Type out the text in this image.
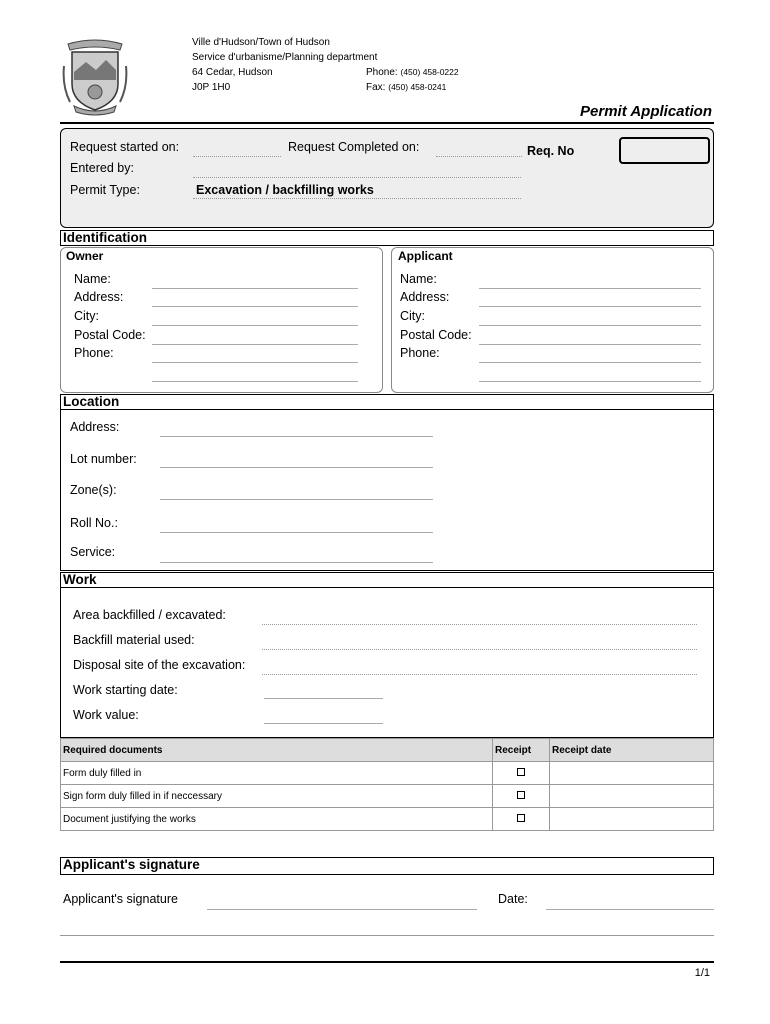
Ville d'Hudson/Town of Hudson
Service d'urbanisme/Planning department
64 Cedar, Hudson
J0P 1H0
Phone: (450) 458-0222
Fax: (450) 458-0241
Permit Application
Request started on:	Request Completed on:	Req. No
Entered by:
Permit Type:	Excavation / backfilling works
Identification
Owner	Applicant
Name:
Address:
City:
Postal Code:
Phone:
Name:
Address:
City:
Postal Code:
Phone:
Location
Address:
Lot number:
Zone(s):
Roll No.:
Service:
Work
Area backfilled / excavated:
Backfill material used:
Disposal site of the excavation:
Work starting date:
Work value:
Required documents	Receipt	Receipt date
Form duly filled in		
Sign form duly filled in if neccessary		
Document justifying the works		
Applicant's signature
Applicant's signature	Date:
1/1
